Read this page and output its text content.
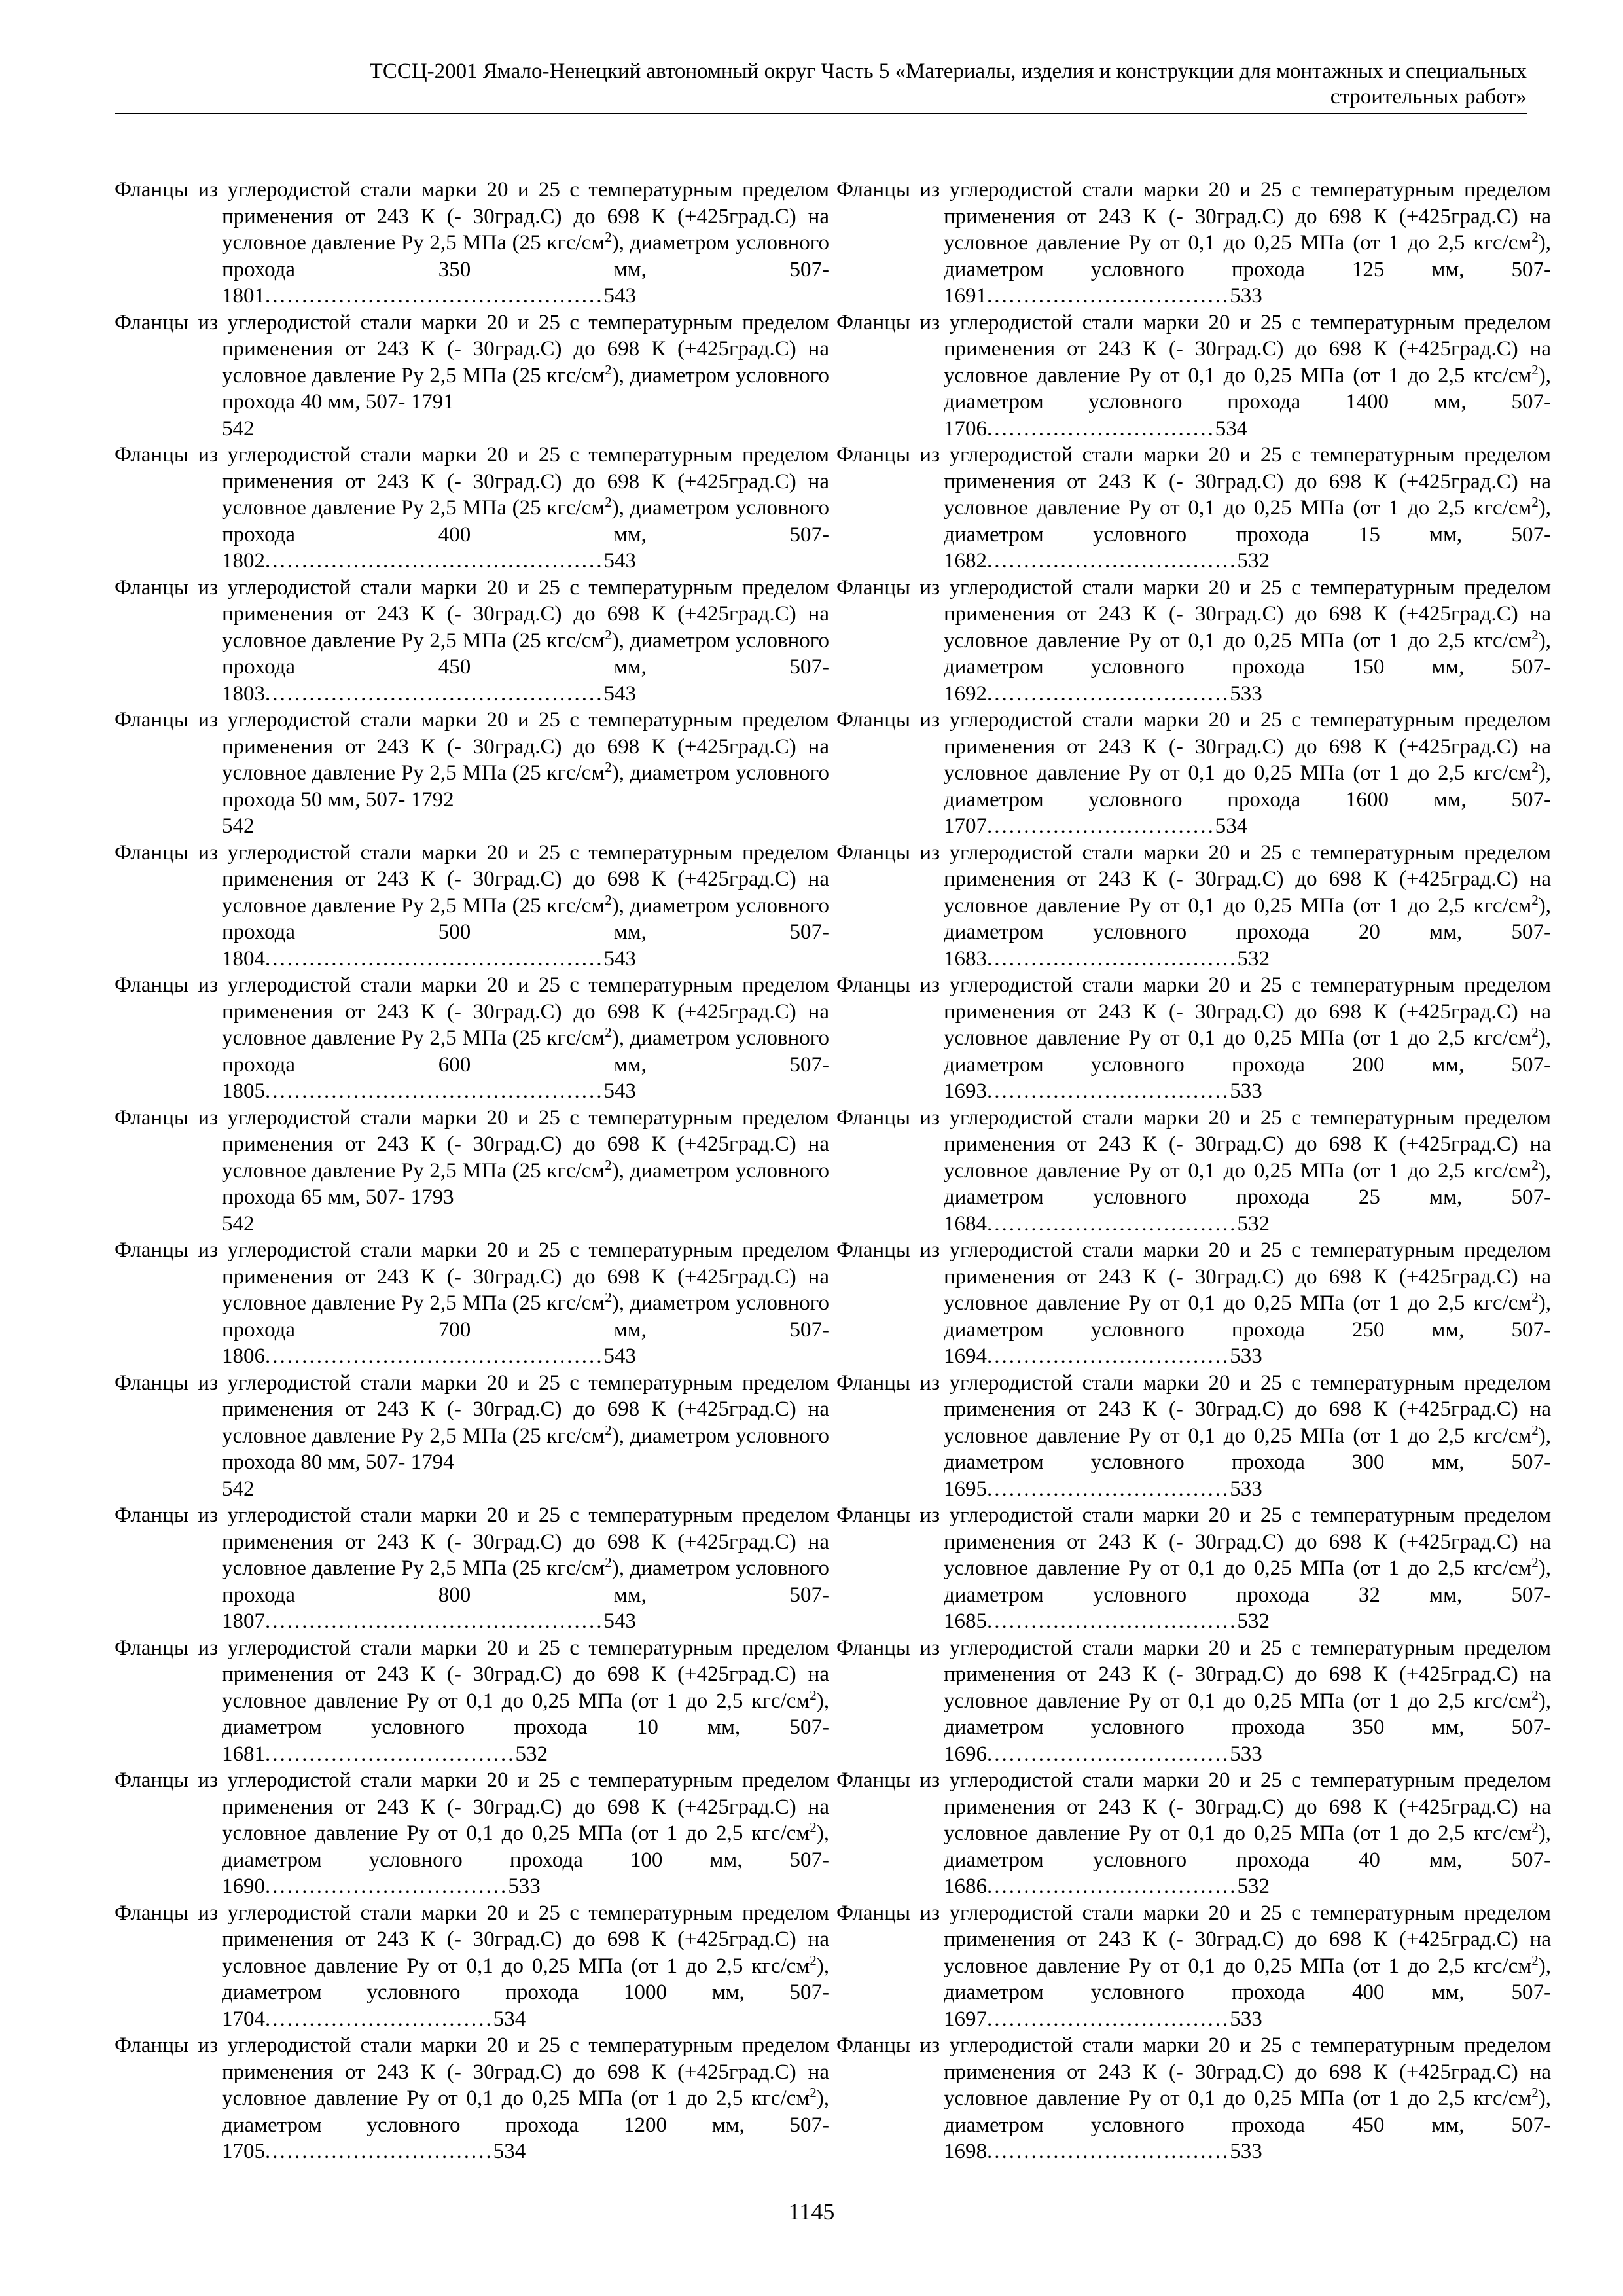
ТССЦ-2001 Ямало-Ненецкий автономный округ Часть 5 «Материалы, изделия и конструкции для монтажных и специальных
строительных работ»
Фланцы из углеродистой стали марки 20 и 25 с температурным пределом применения от 243 К (- 30град.С) до 698 К (+425град.С) на условное давление Ру 2,5 МПа (25 кгс/$см^2$), диаметром условного прохода 350 мм, 507-1801..............................................543
Фланцы из углеродистой стали марки 20 и 25 с температурным пределом применения от 243 К (- 30град.С) до 698 К (+425град.С) на условное давление Ру 2,5 МПа (25 кгс/$см^2$), диаметром условного прохода 40 мм, 507- 1791
542
Фланцы из углеродистой стали марки 20 и 25 с температурным пределом применения от 243 К (- 30град.С) до 698 К (+425град.С) на условное давление Ру 2,5 МПа (25 кгс/$см^2$), диаметром условного прохода 400 мм, 507-1802..............................................543
Фланцы из углеродистой стали марки 20 и 25 с температурным пределом применения от 243 К (- 30град.С) до 698 К (+425град.С) на условное давление Ру 2,5 МПа (25 кгс/$см^2$), диаметром условного прохода 450 мм, 507-1803..............................................543
Фланцы из углеродистой стали марки 20 и 25 с температурным пределом применения от 243 К (- 30град.С) до 698 К (+425град.С) на условное давление Ру 2,5 МПа (25 кгс/$см^2$), диаметром условного прохода 50 мм, 507- 1792
542
Фланцы из углеродистой стали марки 20 и 25 с температурным пределом применения от 243 К (- 30град.С) до 698 К (+425град.С) на условное давление Ру 2,5 МПа (25 кгс/$см^2$), диаметром условного прохода 500 мм, 507-1804..............................................543
Фланцы из углеродистой стали марки 20 и 25 с температурным пределом применения от 243 К (- 30град.С) до 698 К (+425град.С) на условное давление Ру 2,5 МПа (25 кгс/$см^2$), диаметром условного прохода 600 мм, 507-1805..............................................543
Фланцы из углеродистой стали марки 20 и 25 с температурным пределом применения от 243 К (- 30град.С) до 698 К (+425град.С) на условное давление Ру 2,5 МПа (25 кгс/$см^2$), диаметром условного прохода 65 мм, 507- 1793
542
Фланцы из углеродистой стали марки 20 и 25 с температурным пределом применения от 243 К (- 30град.С) до 698 К (+425град.С) на условное давление Ру 2,5 МПа (25 кгс/$см^2$), диаметром условного прохода 700 мм, 507-1806..............................................543
Фланцы из углеродистой стали марки 20 и 25 с температурным пределом применения от 243 К (- 30град.С) до 698 К (+425град.С) на условное давление Ру 2,5 МПа (25 кгс/$см^2$), диаметром условного прохода 80 мм, 507- 1794
542
Фланцы из углеродистой стали марки 20 и 25 с температурным пределом применения от 243 К (- 30град.С) до 698 К (+425град.С) на условное давление Ру 2,5 МПа (25 кгс/$см^2$), диаметром условного прохода 800 мм, 507-1807..............................................543
Фланцы из углеродистой стали марки 20 и 25 с температурным пределом применения от 243 К (- 30град.С) до 698 К (+425град.С) на условное давление Ру от 0,1 до 0,25 МПа (от 1 до 2,5 кгс/$см^2$), диаметром условного прохода 10 мм, 507- 1681..................................532
Фланцы из углеродистой стали марки 20 и 25 с температурным пределом применения от 243 К (- 30град.С) до 698 К (+425град.С) на условное давление Ру от 0,1 до 0,25 МПа (от 1 до 2,5 кгс/$см^2$), диаметром условного прохода 100 мм, 507- 1690.................................533
Фланцы из углеродистой стали марки 20 и 25 с температурным пределом применения от 243 К (- 30град.С) до 698 К (+425град.С) на условное давление Ру от 0,1 до 0,25 МПа (от 1 до 2,5 кгс/$см^2$), диаметром условного прохода 1000 мм, 507- 1704...............................534
Фланцы из углеродистой стали марки 20 и 25 с температурным пределом применения от 243 К (- 30град.С) до 698 К (+425град.С) на условное давление Ру от 0,1 до 0,25 МПа (от 1 до 2,5 кгс/$см^2$), диаметром условного прохода 1200 мм, 507- 1705...............................534
Фланцы из углеродистой стали марки 20 и 25 с температурным пределом применения от 243 К (- 30град.С) до 698 К (+425град.С) на условное давление Ру от 0,1 до 0,25 МПа (от 1 до 2,5 кгс/$см^2$), диаметром условного прохода 125 мм, 507- 1691.................................533
Фланцы из углеродистой стали марки 20 и 25 с температурным пределом применения от 243 К (- 30град.С) до 698 К (+425град.С) на условное давление Ру от 0,1 до 0,25 МПа (от 1 до 2,5 кгс/$см^2$), диаметром условного прохода 1400 мм, 507- 1706...............................534
Фланцы из углеродистой стали марки 20 и 25 с температурным пределом применения от 243 К (- 30град.С) до 698 К (+425град.С) на условное давление Ру от 0,1 до 0,25 МПа (от 1 до 2,5 кгс/$см^2$), диаметром условного прохода 15 мм, 507- 1682..................................532
Фланцы из углеродистой стали марки 20 и 25 с температурным пределом применения от 243 К (- 30град.С) до 698 К (+425град.С) на условное давление Ру от 0,1 до 0,25 МПа (от 1 до 2,5 кгс/$см^2$), диаметром условного прохода 150 мм, 507- 1692.................................533
Фланцы из углеродистой стали марки 20 и 25 с температурным пределом применения от 243 К (- 30град.С) до 698 К (+425град.С) на условное давление Ру от 0,1 до 0,25 МПа (от 1 до 2,5 кгс/$см^2$), диаметром условного прохода 1600 мм, 507- 1707...............................534
Фланцы из углеродистой стали марки 20 и 25 с температурным пределом применения от 243 К (- 30град.С) до 698 К (+425град.С) на условное давление Ру от 0,1 до 0,25 МПа (от 1 до 2,5 кгс/$см^2$), диаметром условного прохода 20 мм, 507- 1683..................................532
Фланцы из углеродистой стали марки 20 и 25 с температурным пределом применения от 243 К (- 30град.С) до 698 К (+425град.С) на условное давление Ру от 0,1 до 0,25 МПа (от 1 до 2,5 кгс/$см^2$), диаметром условного прохода 200 мм, 507- 1693.................................533
Фланцы из углеродистой стали марки 20 и 25 с температурным пределом применения от 243 К (- 30град.С) до 698 К (+425град.С) на условное давление Ру от 0,1 до 0,25 МПа (от 1 до 2,5 кгс/$см^2$), диаметром условного прохода 25 мм, 507- 1684..................................532
Фланцы из углеродистой стали марки 20 и 25 с температурным пределом применения от 243 К (- 30град.С) до 698 К (+425град.С) на условное давление Ру от 0,1 до 0,25 МПа (от 1 до 2,5 кгс/$см^2$), диаметром условного прохода 250 мм, 507- 1694.................................533
Фланцы из углеродистой стали марки 20 и 25 с температурным пределом применения от 243 К (- 30град.С) до 698 К (+425град.С) на условное давление Ру от 0,1 до 0,25 МПа (от 1 до 2,5 кгс/$см^2$), диаметром условного прохода 300 мм, 507- 1695.................................533
Фланцы из углеродистой стали марки 20 и 25 с температурным пределом применения от 243 К (- 30град.С) до 698 К (+425град.С) на условное давление Ру от 0,1 до 0,25 МПа (от 1 до 2,5 кгс/$см^2$), диаметром условного прохода 32 мм, 507- 1685..................................532
Фланцы из углеродистой стали марки 20 и 25 с температурным пределом применения от 243 К (- 30град.С) до 698 К (+425град.С) на условное давление Ру от 0,1 до 0,25 МПа (от 1 до 2,5 кгс/$см^2$), диаметром условного прохода 350 мм, 507- 1696.................................533
Фланцы из углеродистой стали марки 20 и 25 с температурным пределом применения от 243 К (- 30град.С) до 698 К (+425град.С) на условное давление Ру от 0,1 до 0,25 МПа (от 1 до 2,5 кгс/$см^2$), диаметром условного прохода 40 мм, 507- 1686..................................532
Фланцы из углеродистой стали марки 20 и 25 с температурным пределом применения от 243 К (- 30град.С) до 698 К (+425град.С) на условное давление Ру от 0,1 до 0,25 МПа (от 1 до 2,5 кгс/$см^2$), диаметром условного прохода 400 мм, 507- 1697.................................533
Фланцы из углеродистой стали марки 20 и 25 с температурным пределом применения от 243 К (- 30град.С) до 698 К (+425град.С) на условное давление Ру от 0,1 до 0,25 МПа (от 1 до 2,5 кгс/$см^2$), диаметром условного прохода 450 мм, 507- 1698.................................533
1145
